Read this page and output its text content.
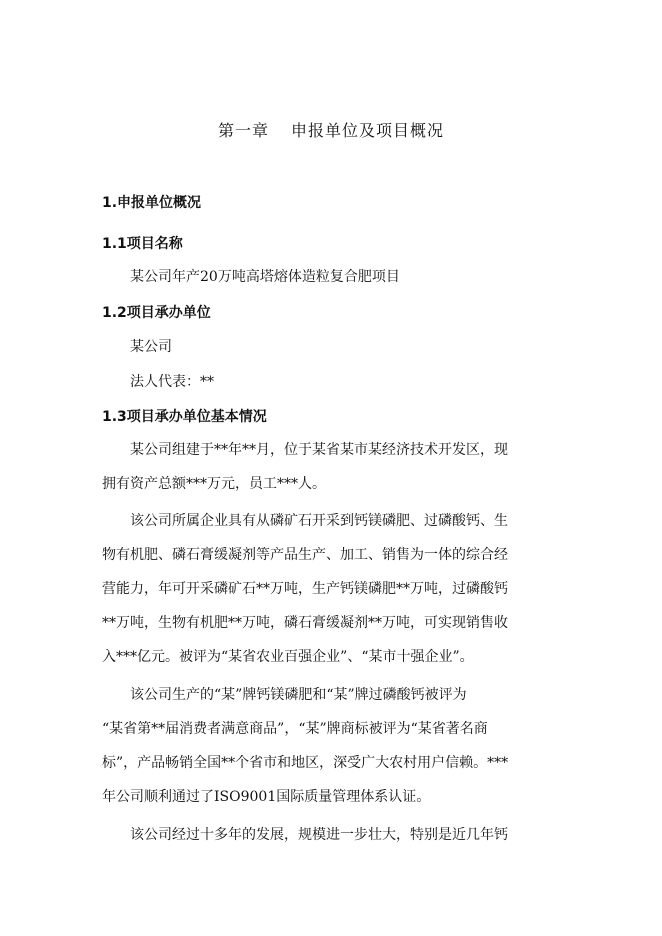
第一章 申报单位及项目概况
1.申报单位概况
1.1项目名称
某公司年产20万吨高塔熔体造粒复合肥项目
1.2项目承办单位
某公司
法人代表：**
1.3项目承办单位基本情况
某公司组建于**年**月，位于某省某市某经济技术开发区，现
拥有资产总额***万元，员工***人。
该公司所属企业具有从磷矿石开采到钙镁磷肥、过磷酸钙、生
物有机肥、磷石膏缓凝剂等产品生产、加工、销售为一体的综合经
营能力，年可开采磷矿石**万吨，生产钙镁磷肥**万吨，过磷酸钙
**万吨，生物有机肥**万吨，磷石膏缓凝剂**万吨，可实现销售收
入***亿元。被评为“某省农业百强企业”、“某市十强企业”。
该公司生产的“某”牌钙镁磷肥和“某”牌过磷酸钙被评为
“某省第**届消费者满意商品”，“某”牌商标被评为“某省著名商
标”，产品畅销全国**个省市和地区，深受广大农村用户信赖。***
年公司顺利通过了ISO9001国际质量管理体系认证。
该公司经过十多年的发展，规模进一步壮大，特别是近几年钙
